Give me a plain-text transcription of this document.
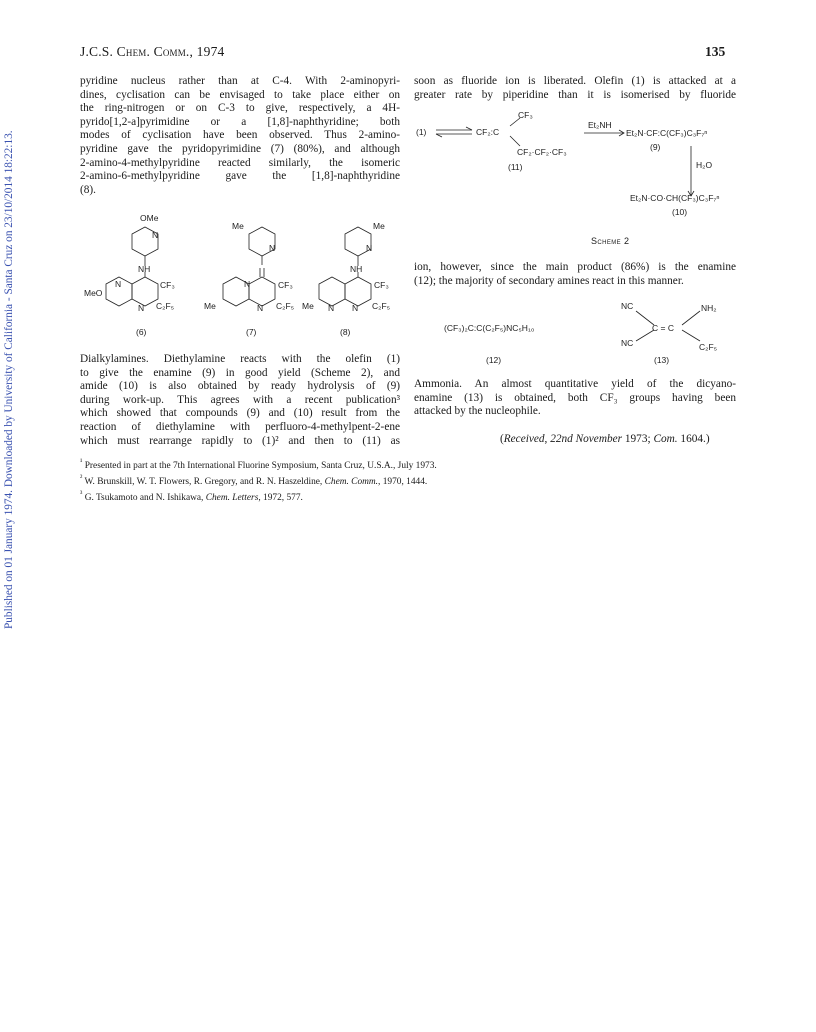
Published on 01 January 1974. Downloaded by University of California - Santa Cruz on 23/10/2014 18:22:13.
J.C.S. Chem. Comm., 1974	135
pyridine nucleus rather than at C-4. With 2-aminopyri-
dines, cyclisation can be envisaged to take place either on
the ring-nitrogen or on C-3 to give, respectively, a 4H-
pyrido[1,2-a]pyrimidine or a [1,8]-naphthyridine; both
modes of cyclisation have been observed. Thus 2-amino-
pyridine gave the pyridopyrimidine (7) (80%), and although
2-amino-4-methylpyridine reacted similarly, the isomeric
2-amino-6-methylpyridine gave the [1,8]-naphthyridine
(8).
soon as fluoride ion is liberated. Olefin (1) is attacked at a
greater rate by piperidine than it is isomerised by fluoride
OMe
N
NH
MeO
N
N
CF₃
C₂F₅
Me
N
N
N
CF₃
C₂F₅
Me
Me
N
NH
CF₃
C₂F₅
N N
Me
(6)	(7)	(8)
(1)
CF₃
CF₂:C
CF₂·CF₂·CF₃
(11)
Et₂NH
Et₂N·CF:C(CF₃)C₃F₇ⁿ
(9)
H₂O
Et₂N·CO·CH(CF₃)C₃F₇ⁿ
(10)
Scheme 2
ion, however, since the main product (86%) is the enamine
(12); the majority of secondary amines react in this manner.
(CF₃)₂C:C(C₂F₅)NC₅H₁₀
(12)
NC	NH₂
C = C
NC	C₂F₅
(13)
Dialkylamines. Diethylamine reacts with the olefin (1)
to give the enamine (9) in good yield (Scheme 2), and
amide (10) is also obtained by ready hydrolysis of (9)
during work-up. This agrees with a recent publication³
which showed that compounds (9) and (10) result from the
reaction of diethylamine with perfluoro-4-methylpent-2-ene
which must rearrange rapidly to (1)² and then to (11) as
Ammonia. An almost quantitative yield of the dicyano-
enamine (13) is obtained, both CF₃ groups having been
attacked by the nucleophile.
(Received, 22nd November 1973; Com. 1604.)
$^{^1}$ Presented in part at the 7th International Fluorine Symposium, Santa Cruz, U.S.A., July 1973.
$^{^2}$ W. Brunskill, W. T. Flowers, R. Gregory, and R. N. Haszeldine, Chem. Comm., 1970, 1444.
$^{^3}$ G. Tsukamoto and N. Ishikawa, Chem. Letters, 1972, 577.
